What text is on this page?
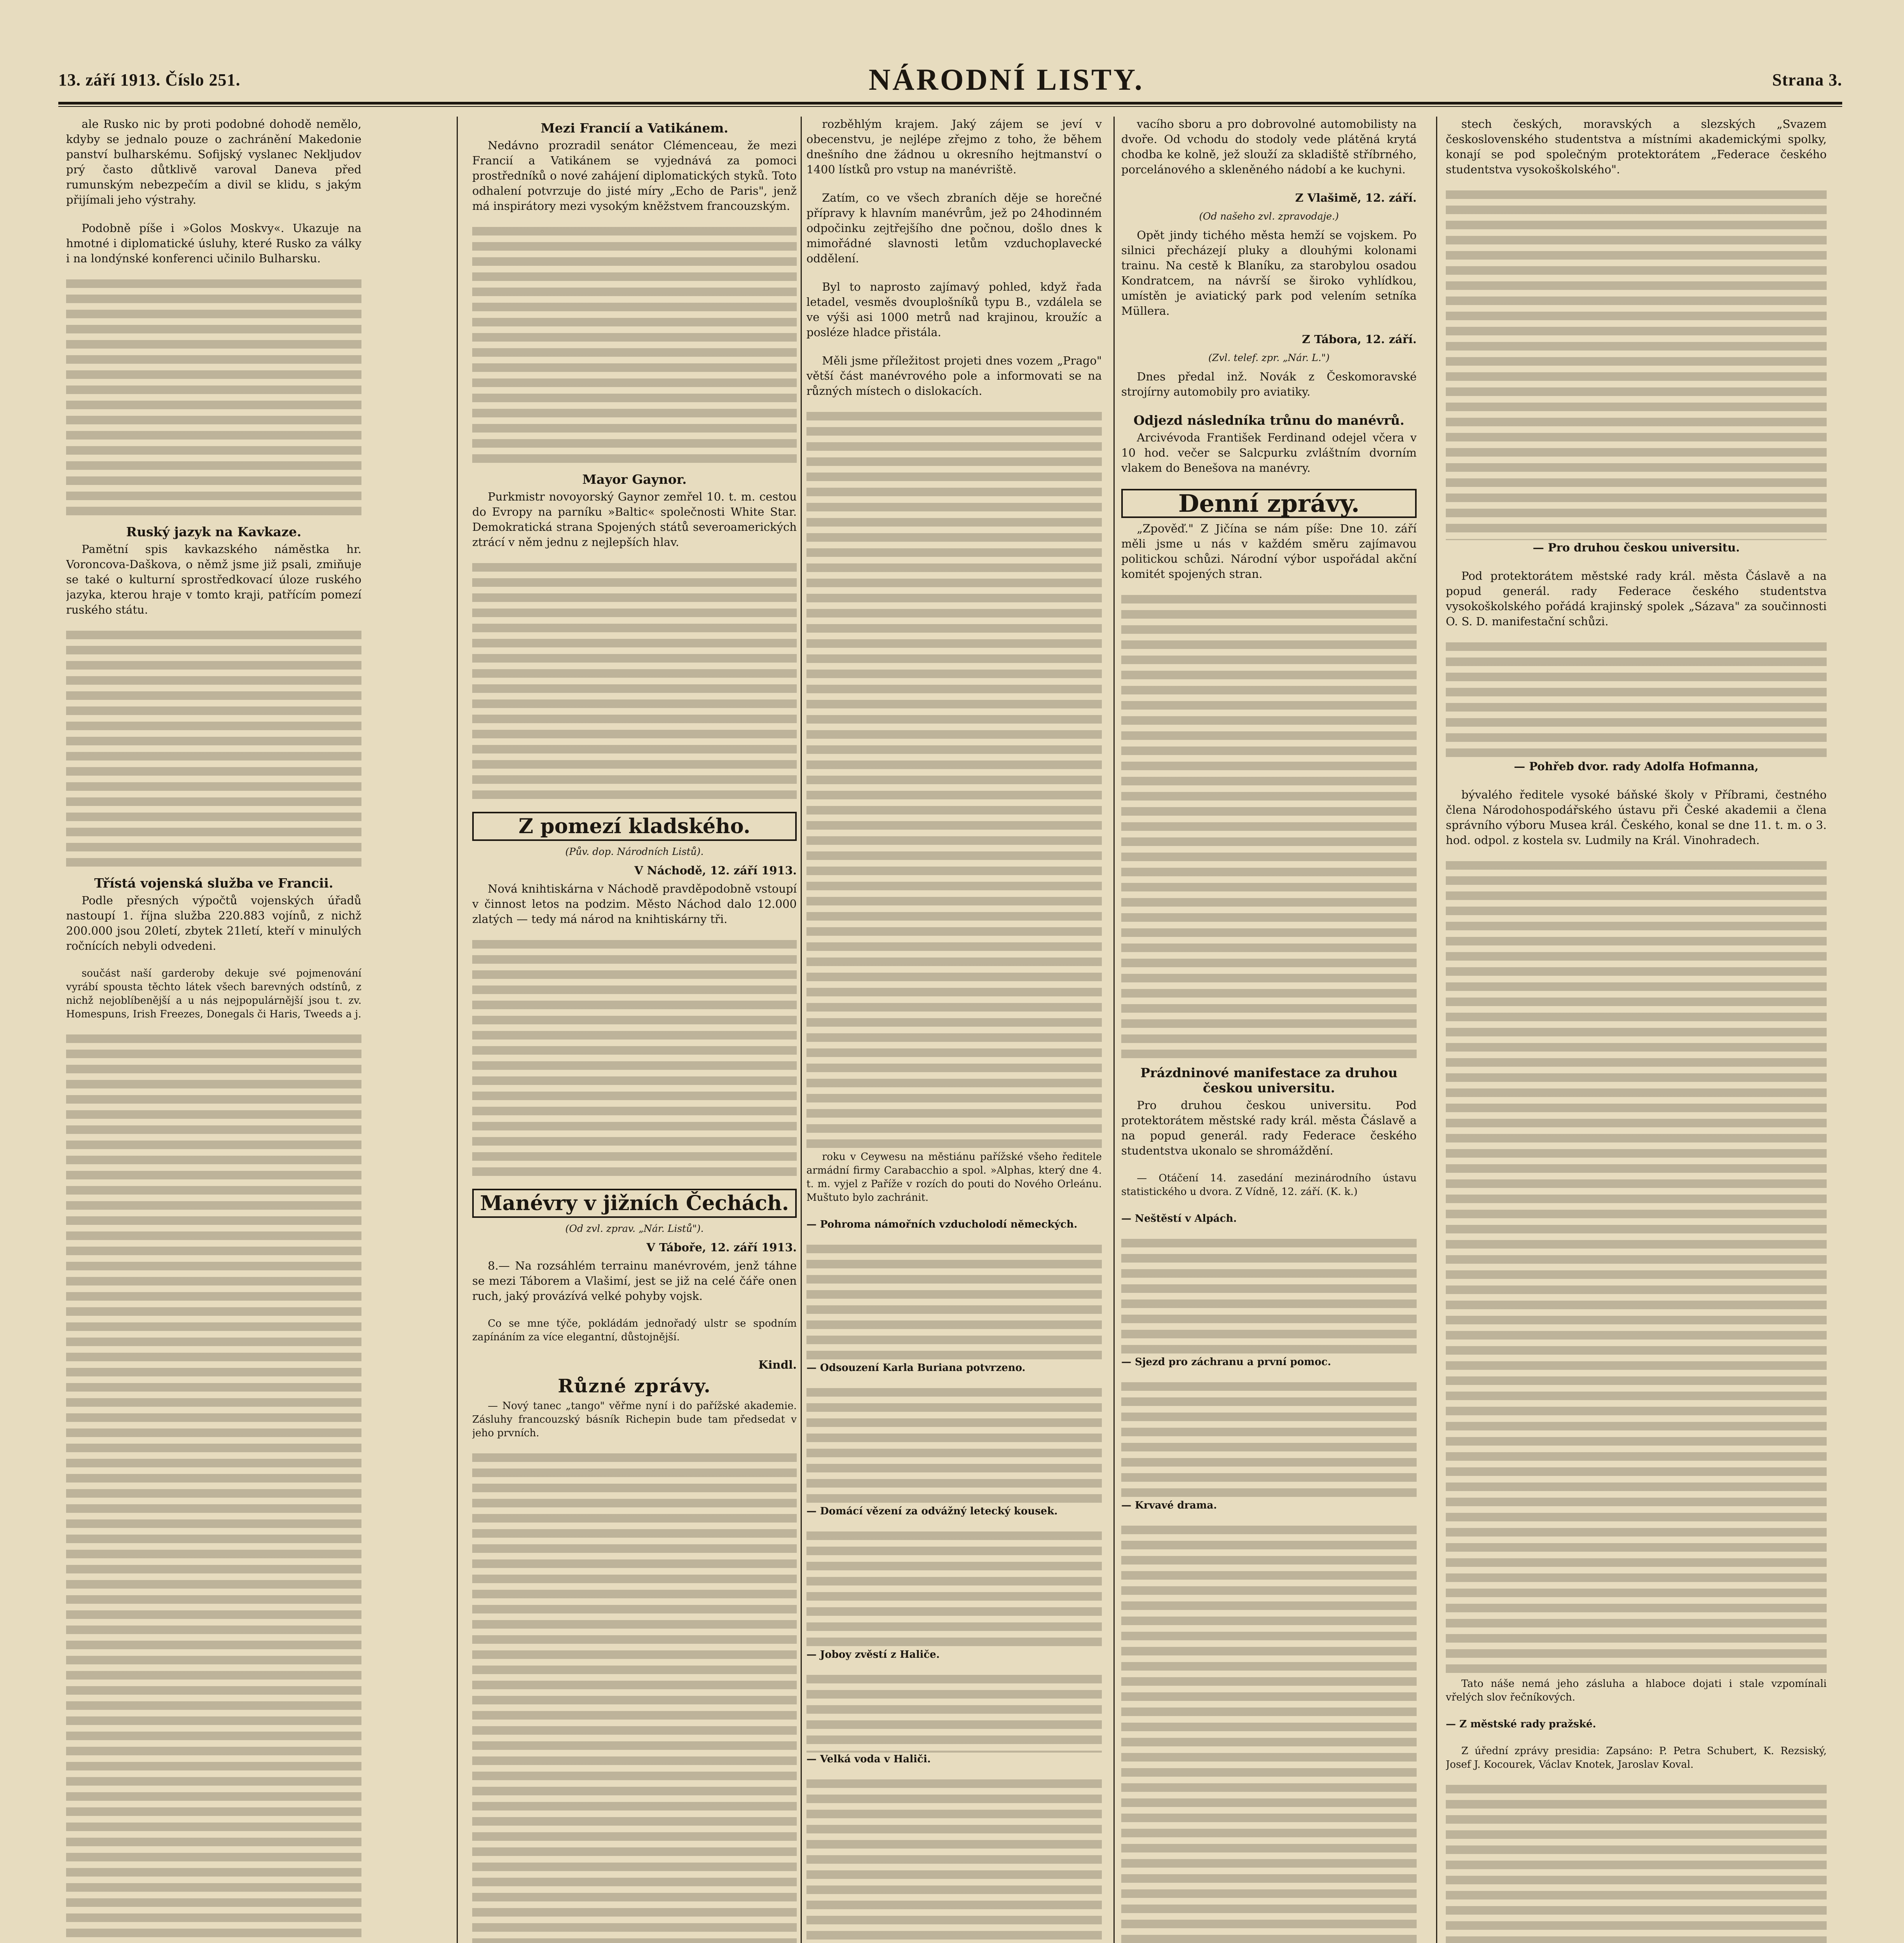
13. září 1913. Číslo 251.	NÁRODNÍ LISTY.	Strana 3.
ale Rusko nic by proti podobné dohodě nemělo, kdyby se jednalo pouze o zachránění Makedonie panství bulharskému. Sofijský vyslanec Nekljudov prý často důtklivě varoval Daneva před rumunským nebezpečím a divil se klidu, s jakým přijímali jeho výstrahy.
Podobně píše i »Golos Moskvy«. Ukazuje na hmotné i diplomatické úsluhy, které Rusko za války i na londýnské konferenci učinilo Bulharsku.
Ruský jazyk na Kavkaze.
Pamětní spis kavkazského náměstka hr. Voroncova-Daškova, o němž jsme již psali, zmiňuje se také o kulturní sprostředkovací úloze ruského jazyka, kterou hraje v tomto kraji, patřícím pomezí ruského státu.
Třístá vojenská služba ve Francii.
Podle přesných výpočtů vojenských úřadů nastoupí 1. října služba 220.883 vojínů, z nichž 200.000 jsou 20letí, zbytek 21letí, kteří v minulých ročnících nebyli odvedeni.
součást naší garderoby dekuje své pojmenování vyrábí spousta těchto látek všech barevných odstínů, z nichž nejoblíbenější a u nás nejpopulárnější jsou t. zv. Homespuns, Irish Freezes, Donegals či Haris, Tweeds a j.
Mezi Francií a Vatikánem.
Nedávno prozradil senátor Clémenceau, že mezi Francií a Vatikánem se vyjednává za pomoci prostředníků o nové zahájení diplomatických styků. Toto odhalení potvrzuje do jisté míry „Echo de Paris", jenž má inspirátory mezi vysokým kněžstvem francouzským.
Mayor Gaynor.
Purkmistr novoyorský Gaynor zemřel 10. t. m. cestou do Evropy na parníku »Baltic« společnosti White Star. Demokratická strana Spojených států severoamerických ztrácí v něm jednu z nejlepších hlav.
Z pomezí kladského.
(Pův. dop. Národních Listů).
V Náchodě, 12. září 1913.
Nová knihtiskárna v Náchodě pravděpodobně vstoupí v činnost letos na podzim. Město Náchod dalo 12.000 zlatých — tedy má národ na knihtiskárny tři.
Manévry v jižních Čechách.
(Od zvl. zprav. „Nár. Listů").
V Táboře, 12. září 1913.
8.— Na rozsáhlém terrainu manévrovém, jenž táhne se mezi Táborem a Vlašimí, jest se již na celé čáře onen ruch, jaký provázívá velké pohyby vojsk.
Co se mne týče, pokládám jednořadý ulstr se spodním zapínáním za více elegantní, důstojnější.
Kindl.
Různé zprávy.
— Nový tanec „tango" věřme nyní i do pařížské akademie. Zásluhy francouzský básník Richepin bude tam předsedat v jeho prvních.
rozběhlým krajem. Jaký zájem se jeví v obecenstvu, je nejlépe zřejmo z toho, že během dnešního dne žádnou u okresního hejtmanství o 1400 lístků pro vstup na manévriště.
Zatím, co ve všech zbraních děje se horečné přípravy k hlavním manévrům, jež po 24hodinném odpočinku zejtřejšího dne počnou, došlo dnes k mimořádné slavnosti letům vzduchoplavecké oddělení.
Byl to naprosto zajímavý pohled, když řada letadel, vesměs dvouplošníků typu B., vzdálela se ve výši asi 1000 metrů nad krajinou, kroužíc a posléze hladce přistála.
Měli jsme příležitost projeti dnes vozem „Prago" větší část manévrového pole a informovati se na různých místech o dislokacích.
roku v Ceywesu na městiánu pařížské všeho ředitele armádní firmy Carabacchio a spol. »Alphas, který dne 4. t. m. vyjel z Paříže v rozích do pouti do Nového Orleánu. Muštuto bylo zachránit.
— Pohroma námořních vzducholodí německých.
— Odsouzení Karla Buriana potvrzeno.
— Domácí vězení za odvážný letecký kousek.
— Joboy zvěstí z Haliče.
— Velká voda v Haliči.
vacího sboru a pro dobrovolné automobilisty na dvoře. Od vchodu do stodoly vede plátěná krytá chodba ke kolně, jež slouží za skladiště stříbrného, porcelánového a skleněného nádobí a ke kuchyni.
Z Vlašimě, 12. září.
(Od našeho zvl. zpravodaje.)
Opět jindy tichého města hemží se vojskem. Po silnici přecházejí pluky a dlouhými kolonami trainu. Na cestě k Blaníku, za starobylou osadou Kondratcem, na návrší se široko vyhlídkou, umístěn je aviatický park pod velením setníka Müllera.
Z Tábora, 12. září.
(Zvl. telef. zpr. „Nár. L.")
Dnes předal inž. Novák z Českomoravské strojírny automobily pro aviatiky.
Odjezd následníka trůnu do manévrů.
Arcivévoda František Ferdinand odejel včera v 10 hod. večer se Salcpurku zvláštním dvorním vlakem do Benešova na manévry.
Denní zprávy.
„Zpověď." Z Jičína se nám píše: Dne 10. září měli jsme u nás v každém směru zajímavou politickou schůzi. Národní výbor uspořádal akční komitét spojených stran.
Prázdninové manifestace za druhou českou universitu.
Pro druhou českou universitu. Pod protektorátem městské rady král. města Čáslavě a na popud generál. rady Federace českého studentstva ukonalo se shromáždění.
— Otáčení 14. zasedání mezinárodního ústavu statistického u dvora. Z Vídně, 12. září. (K. k.)
— Neštěstí v Alpách.
— Sjezd pro záchranu a první pomoc.
— Krvavé drama.
stech českých, moravských a slezských „Svazem československého studentstva a místními akademickými spolky, konají se pod společným protektorátem „Federace českého studentstva vysokoškolského".
— Pro druhou českou universitu.
Pod protektorátem městské rady král. města Čáslavě a na popud generál. rady Federace českého studentstva vysokoškolského pořádá krajinský spolek „Sázava" za součinnosti O. S. D. manifestační schůzi.
— Pohřeb dvor. rady Adolfa Hofmanna,
bývalého ředitele vysoké báňské školy v Příbrami, čestného člena Národohospodářského ústavu při České akademii a člena správního výboru Musea král. Českého, konal se dne 11. t. m. o 3. hod. odpol. z kostela sv. Ludmily na Král. Vinohradech.
Tato náše nemá jeho zásluha a hlaboce dojati i stale vzpomínali vřelých slov řečníkových.
— Z městské rady pražské.
Z úřední zprávy presidia: Zapsáno: P. Petra Schubert, K. Rezsiský, Josef J. Kocourek, Václav Knotek, Jaroslav Koval.
